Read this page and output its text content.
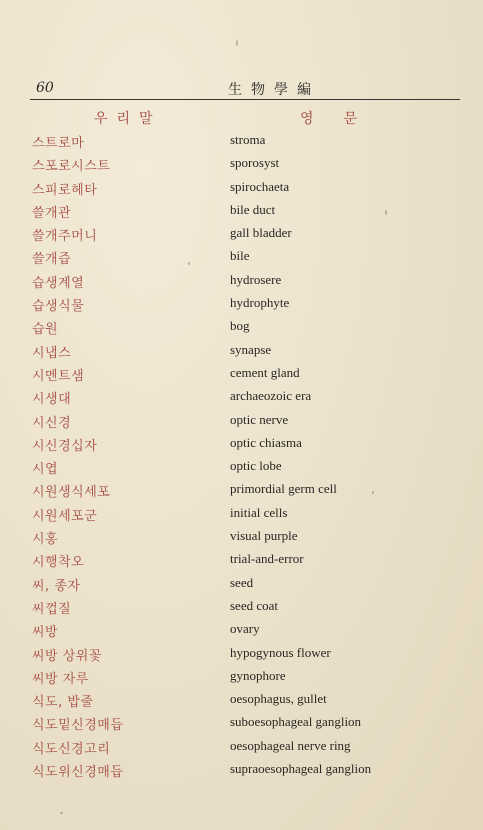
60	生物學編
우리말	영문
스트로마	stroma
스포로시스트	sporosyst
스피로헤타	spirochaeta
쓸개관	bile duct
쓸개주머니	gall bladder
쓸개즙	bile
습생계열	hydrosere
습생식물	hydrophyte
습원	bog
시냅스	synapse
시멘트샘	cement gland
시생대	archaeozoic era
시신경	optic nerve
시신경십자	optic chiasma
시엽	optic lobe
시원생식세포	primordial germ cell
시원세포군	initial cells
시홍	visual purple
시행착오	trial-and-error
씨, 종자	seed
씨껍질	seed coat
씨방	ovary
씨방 상위꽃	hypogynous flower
씨방 자루	gynophore
식도, 밥줄	oesophagus, gullet
식도밑신경매듭	suboesophageal ganglion
식도신경고리	oesophageal nerve ring
식도위신경매듭	supraoesophageal ganglion
